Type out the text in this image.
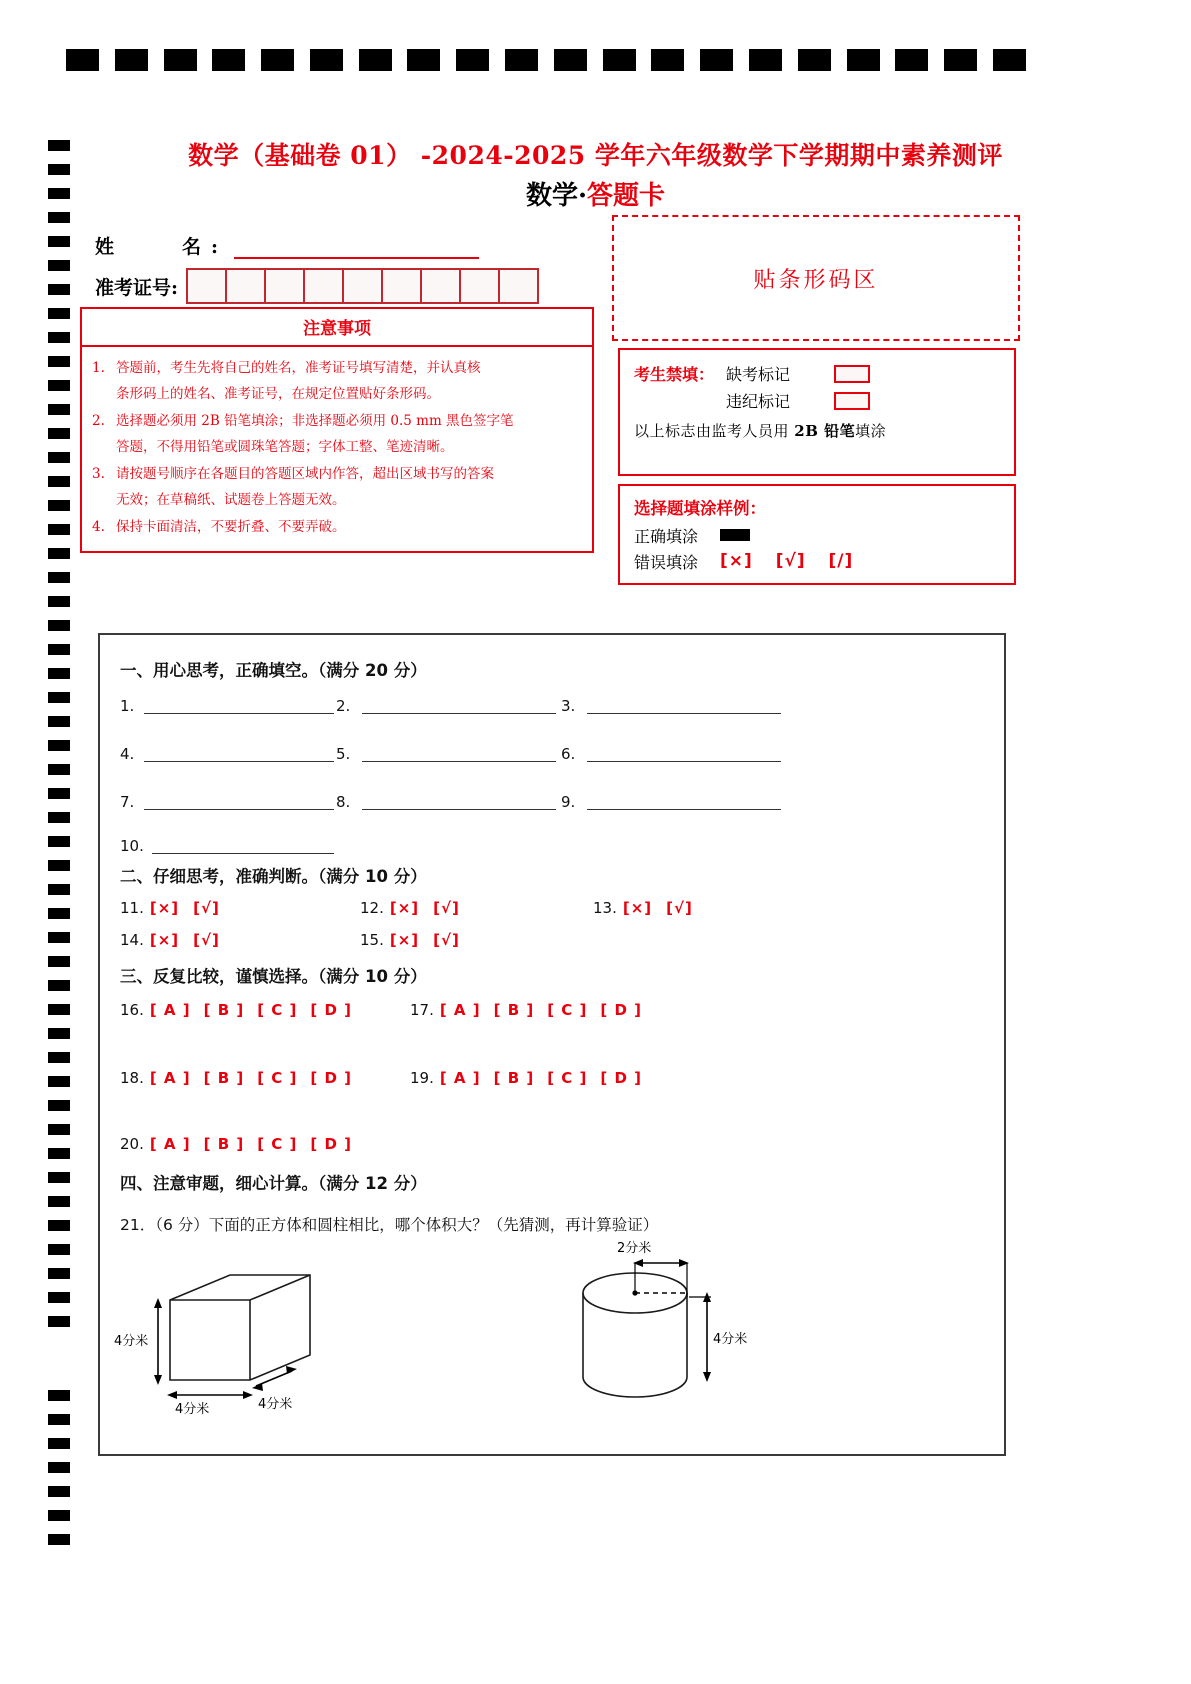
数学（基础卷 01） -2024-2025 学年六年级数学下学期期中素养测评
数学·答题卡
姓　　名:
准考证号:	贴条形码区
注意事项
1. 答题前，考生先将自己的姓名，准考证号填写清楚，并认真核
条形码上的姓名、准考证号，在规定位置贴好条形码。
2. 选择题必须用 2B 铅笔填涂；非选择题必须用 0.5 mm 黑色签字笔
答题，不得用铅笔或圆珠笔答题；字体工整、笔迹清晰。
3. 请按题号顺序在各题目的答题区域内作答，超出区域书写的答案
无效；在草稿纸、试题卷上答题无效。
4. 保持卡面清洁，不要折叠、不要弄破。
考生禁填： 缺考标记
违纪标记
以上标志由监考人员用 2B 铅笔填涂
选择题填涂样例：
正确填涂
错误填涂	[×] [√] [/]
一、用心思考，正确填空。（满分 20 分）
1.	2.	3.
4.	5.	6.
7.	8.	9.
10.
二、仔细思考，准确判断。（满分 10 分）
11. [×] [√]	12. [×] [√]	13. [×] [√]
14. [×] [√]	15. [×] [√]
三、反复比较，谨慎选择。（满分 10 分）
16. [ A ] [ B ] [ C ] [ D ]	17. [ A ] [ B ] [ C ] [ D ]
18. [ A ] [ B ] [ C ] [ D ]	19. [ A ] [ B ] [ C ] [ D ]
20. [ A ] [ B ] [ C ] [ D ]
四、注意审题，细心计算。（满分 12 分）
21．（6 分）下面的正方体和圆柱相比，哪个体积大？（先猜测，再计算验证）
4分米
4分米	4分米
2分米
4分米
